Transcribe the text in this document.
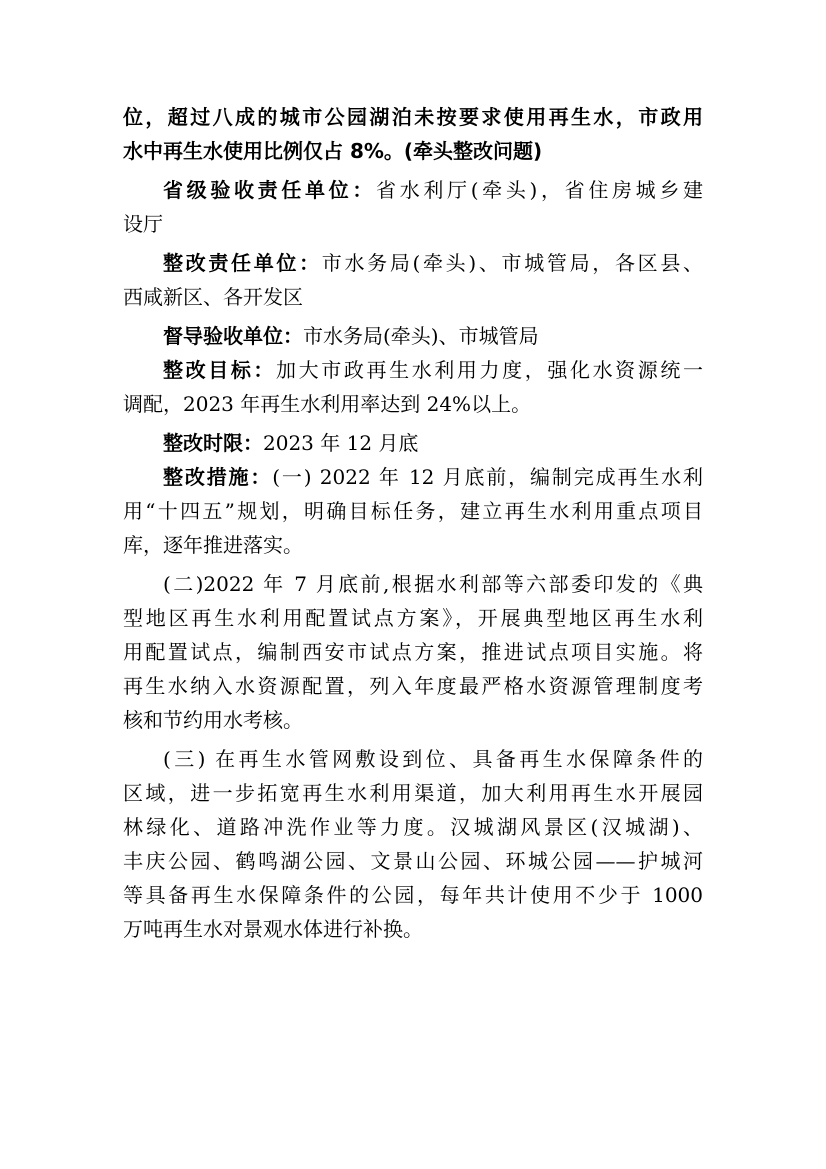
位，超过八成的城市公园湖泊未按要求使用再生水，市政用
水中再生水使用比例仅占 8%。(牵头整改问题)
省级验收责任单位：省水利厅(牵头)，省住房城乡建
设厅
整改责任单位：市水务局(牵头)、市城管局，各区县、
西咸新区、各开发区
督导验收单位：市水务局(牵头)、市城管局
整改目标：加大市政再生水利用力度，强化水资源统一
调配，2023 年再生水利用率达到 24%以上。
整改时限：2023 年 12 月底
整改措施：(一) 2022 年 12 月底前，编制完成再生水利
用“十四五”规划，明确目标任务，建立再生水利用重点项目
库，逐年推进落实。
(二)2022 年 7 月底前,根据水利部等六部委印发的《典
型地区再生水利用配置试点方案》，开展典型地区再生水利
用配置试点，编制西安市试点方案，推进试点项目实施。将
再生水纳入水资源配置，列入年度最严格水资源管理制度考
核和节约用水考核。
(三) 在再生水管网敷设到位、具备再生水保障条件的
区域，进一步拓宽再生水利用渠道，加大利用再生水开展园
林绿化、道路冲洗作业等力度。汉城湖风景区(汉城湖)、
丰庆公园、鹤鸣湖公园、文景山公园、环城公园——护城河
等具备再生水保障条件的公园，每年共计使用不少于 1000
万吨再生水对景观水体进行补换。
